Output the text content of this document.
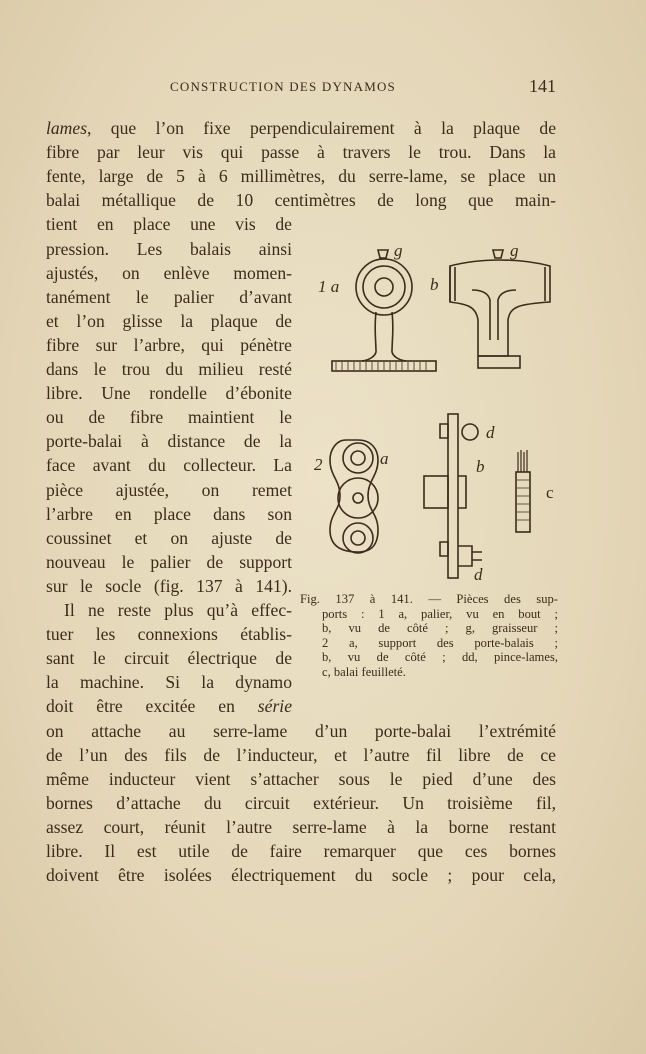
CONSTRUCTION DES DYNAMOS	141
lames, que l’on fixe perpendiculairement à la plaque de
fibre par leur vis qui passe à travers le trou. Dans la
fente, large de 5 à 6 millimètres, du serre-lame, se place un
balai métallique de 10 centimètres de long que main-
tient en place une vis de
pression. Les balais ainsi
ajustés, on enlève momen-
tanément le palier d’avant
et l’on glisse la plaque de
fibre sur l’arbre, qui pénètre
dans le trou du milieu resté
libre. Une rondelle d’ébonite
ou de fibre maintient le
porte-balai à distance de la
face avant du collecteur. La
pièce ajustée, on remet
l’arbre en place dans son
coussinet et on ajuste de
nouveau le palier de support
sur le socle (fig. 137 à 141).
Il ne reste plus qu’à effec-
tuer les connexions établis-
sant le circuit électrique de
la machine. Si la dynamo
doit être excitée en série
on attache au serre-lame d’un porte-balai l’extrémité
de l’un des fils de l’inducteur, et l’autre fil libre de ce
même inducteur vient s’attacher sous le pied d’une des
bornes d’attache du circuit extérieur. Un troisième fil,
assez court, réunit l’autre serre-lame à la borne restant
libre. Il est utile de faire remarquer que ces bornes
doivent être isolées électriquement du socle ; pour cela,
1 a
g
b
g
2	a	b
d
c
d
Fig. 137 à 141. — Pièces des sup-
ports : 1 a, palier, vu en bout ;
b, vu de côté ; g, graisseur ;
2 a, support des porte-balais ;
b, vu de côté ; dd, pince-lames,
c, balai feuilleté.
